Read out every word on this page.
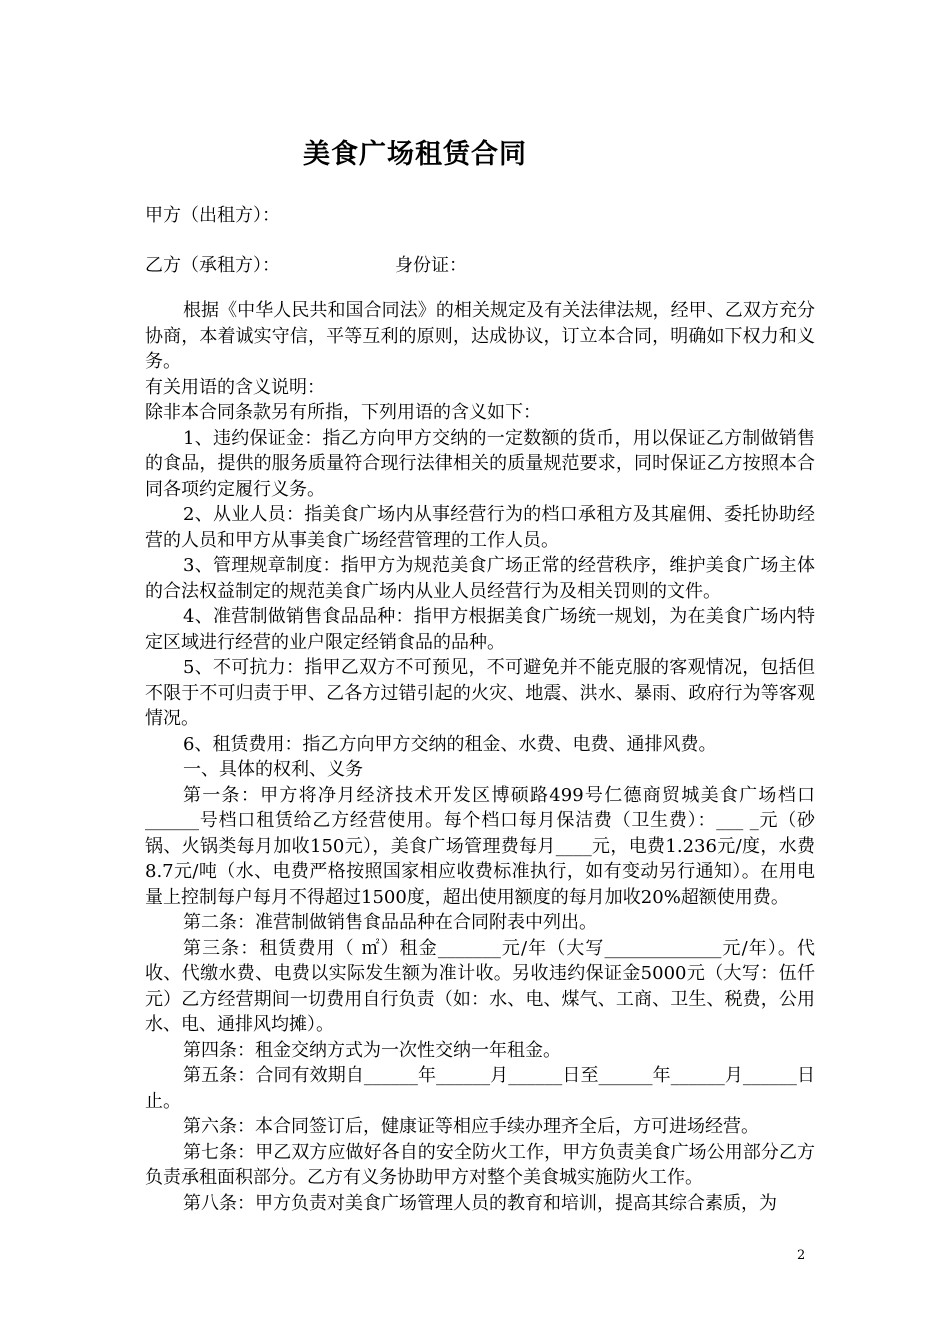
美食广场租赁合同
甲方（出租方）：
乙方（承租方）：	身份证：

根据《中华人民共和国合同法》的相关规定及有关法律法规，经甲、乙双方充分协商，本着诚实守信，平等互利的原则，达成协议，订立本合同，明确如下权力和义务。

有关用语的含义说明：

除非本合同条款另有所指，下列用语的含义如下：

1、违约保证金：指乙方向甲方交纳的一定数额的货币，用以保证乙方制做销售的食品，提供的服务质量符合现行法律相关的质量规范要求，同时保证乙方按照本合同各项约定履行义务。

2、从业人员：指美食广场内从事经营行为的档口承租方及其雇佣、委托协助经营的人员和甲方从事美食广场经营管理的工作人员。

3、管理规章制度：指甲方为规范美食广场正常的经营秩序，维护美食广场主体的合法权益制定的规范美食广场内从业人员经营行为及相关罚则的文件。

4、准营制做销售食品品种：指甲方根据美食广场统一规划，为在美食广场内特定区域进行经营的业户限定经销食品的品种。

5、不可抗力：指甲乙双方不可预见，不可避免并不能克服的客观情况，包括但不限于不可归责于甲、乙各方过错引起的火灾、地震、洪水、暴雨、政府行为等客观情况。

6、租赁费用：指乙方向甲方交纳的租金、水费、电费、通排风费。

一、具体的权利、义务

第一条：甲方将净月经济技术开发区博硕路499号仁德商贸城美食广场档口______号档口租赁给乙方经营使用。每个档口每月保洁费（卫生费）：___ _元（砂锅、火锅类每月加收150元），美食广场管理费每月____元，电费1.236元/度，水费8.7元/吨（水、电费严格按照国家相应收费标准执行，如有变动另行通知）。在用电量上控制每户每月不得超过1500度，超出使用额度的每月加收20%超额使用费。

第二条：准营制做销售食品品种在合同附表中列出。

第三条：租赁费用（ ㎡）租金_______元/年（大写_____________元/年）。代收、代缴水费、电费以实际发生额为准计收。另收违约保证金5000元（大写：伍仟元）乙方经营期间一切费用自行负责（如：水、电、煤气、工商、卫生、税费，公用水、电、通排风均摊）。

第四条：租金交纳方式为一次性交纳一年租金。

第五条：合同有效期自______年______月______日至______年______月______日止。

第六条：本合同签订后，健康证等相应手续办理齐全后，方可进场经营。

第七条：甲乙双方应做好各自的安全防火工作，甲方负责美食广场公用部分乙方负责承租面积部分。乙方有义务协助甲方对整个美食城实施防火工作。

第八条：甲方负责对美食广场管理人员的教育和培训，提高其综合素质，为

2
